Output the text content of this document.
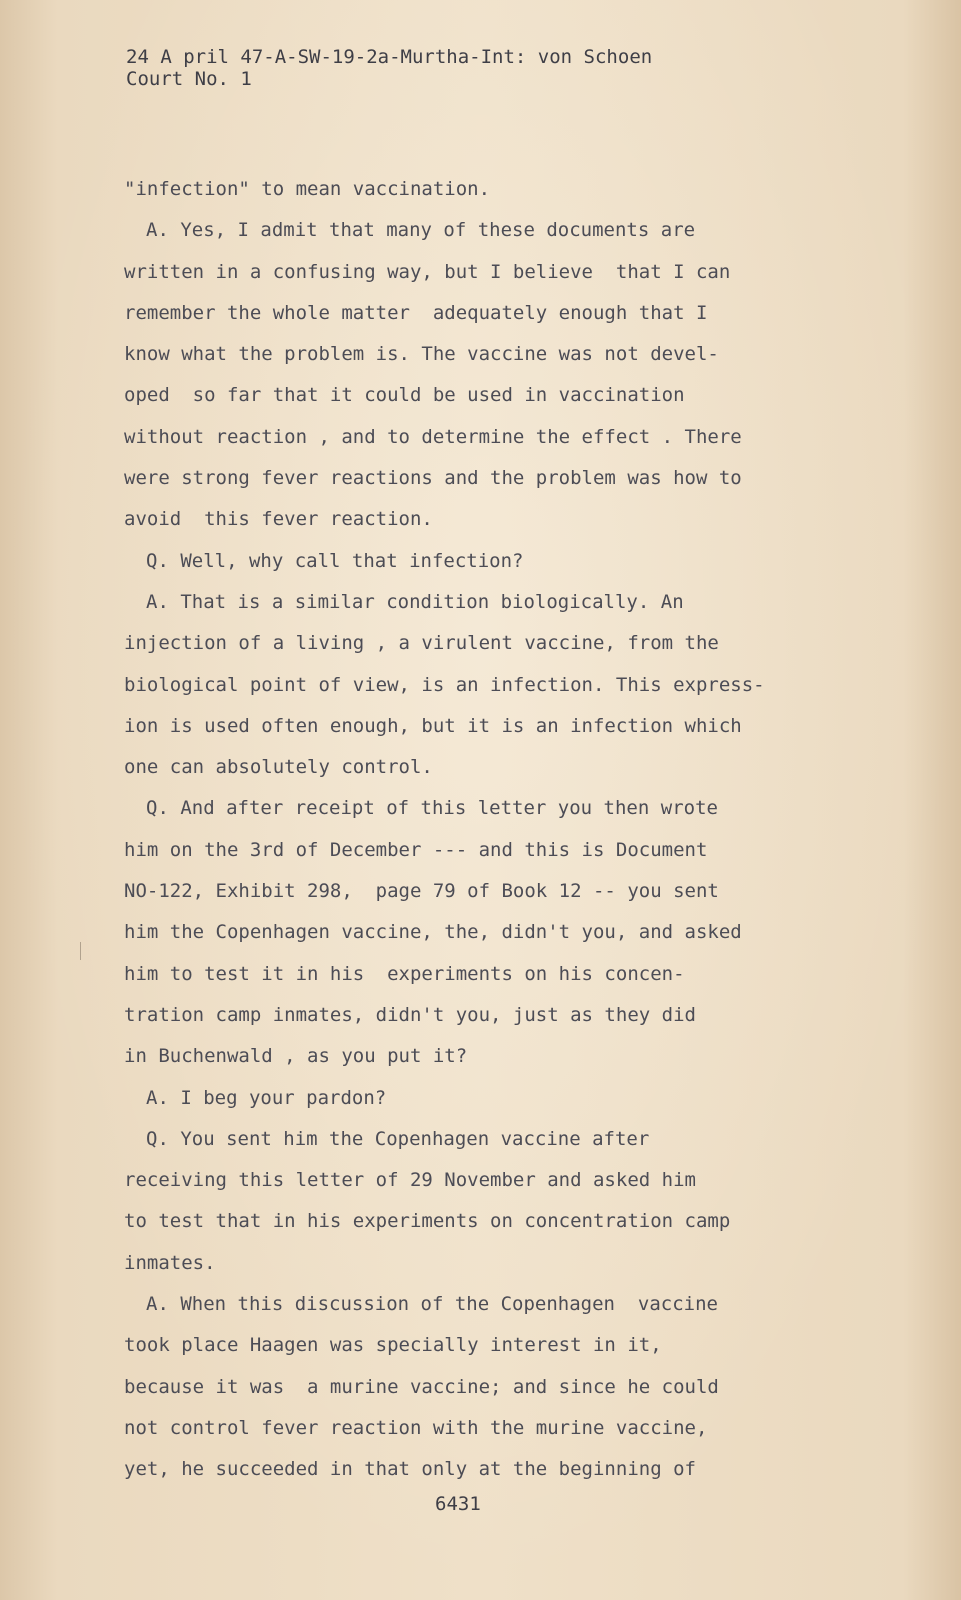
24 A pril 47-A-SW-19-2a-Murtha-Int: von Schoen
Court No. 1
"infection" to mean vaccination.
A. Yes, I admit that many of these documents are
written in a confusing way, but I believe  that I can
remember the whole matter  adequately enough that I
know what the problem is. The vaccine was not devel-
oped  so far that it could be used in vaccination
without reaction , and to determine the effect . There
were strong fever reactions and the problem was how to
avoid  this fever reaction.
Q. Well, why call that infection?
A. That is a similar condition biologically. An
injection of a living , a virulent vaccine, from the
biological point of view, is an infection. This express-
ion is used often enough, but it is an infection which
one can absolutely control.
Q. And after receipt of this letter you then wrote
him on the 3rd of December --- and this is Document
NO-122, Exhibit 298,  page 79 of Book 12 -- you sent
him the Copenhagen vaccine, the, didn't you, and asked
him to test it in his  experiments on his concen-
tration camp inmates, didn't you, just as they did
in Buchenwald , as you put it?
A. I beg your pardon?
Q. You sent him the Copenhagen vaccine after
receiving this letter of 29 November and asked him
to test that in his experiments on concentration camp
inmates.
A. When this discussion of the Copenhagen  vaccine
took place Haagen was specially interest in it,
because it was  a murine vaccine; and since he could
not control fever reaction with the murine vaccine,
yet, he succeeded in that only at the beginning of
6431
